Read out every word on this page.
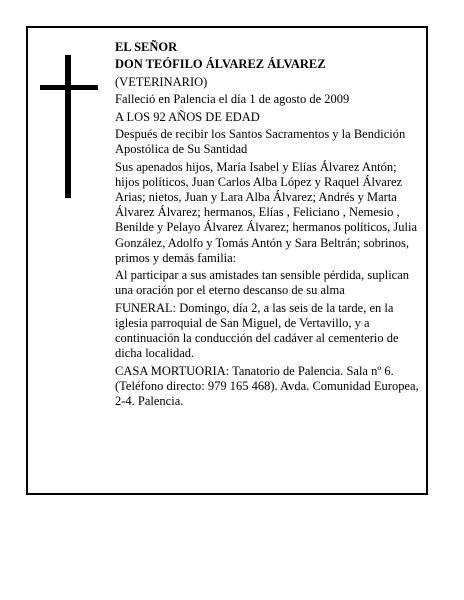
EL SEÑOR

DON TEÓFILO ÁLVAREZ ÁLVAREZ

(VETERINARIO)

Falleció en Palencia el día 1 de agosto de 2009

A LOS 92 AÑOS DE EDAD

Después de recibir los Santos Sacramentos y la Bendición Apostólica de Su Santidad

Sus apenados hijos, María Isabel y Elías Álvarez Antón; hijos políticos, Juan Carlos Alba López y Raquel Álvarez Arias; nietos, Juan y Lara Alba Álvarez; Andrés y Marta Álvarez Álvarez; hermanos, Elías , Feliciano , Nemesio , Benilde y Pelayo Álvarez Álvarez; hermanos políticos, Julia González, Adolfo y Tomás Antón y Sara Beltrán; sobrinos, primos y demás familia:

Al participar a sus amistades tan sensible pérdida, suplican una oración por el eterno descanso de su alma

FUNERAL: Domingo, día 2, a las seis de la tarde, en la iglesia parroquial de San Miguel, de Vertavillo, y a continuación la conducción del cadáver al cementerio de dicha localidad.

CASA MORTUORIA: Tanatorio de Palencia. Sala nº 6. (Teléfono directo: 979 165 468). Avda. Comunidad Europea, 2-4. Palencia.
